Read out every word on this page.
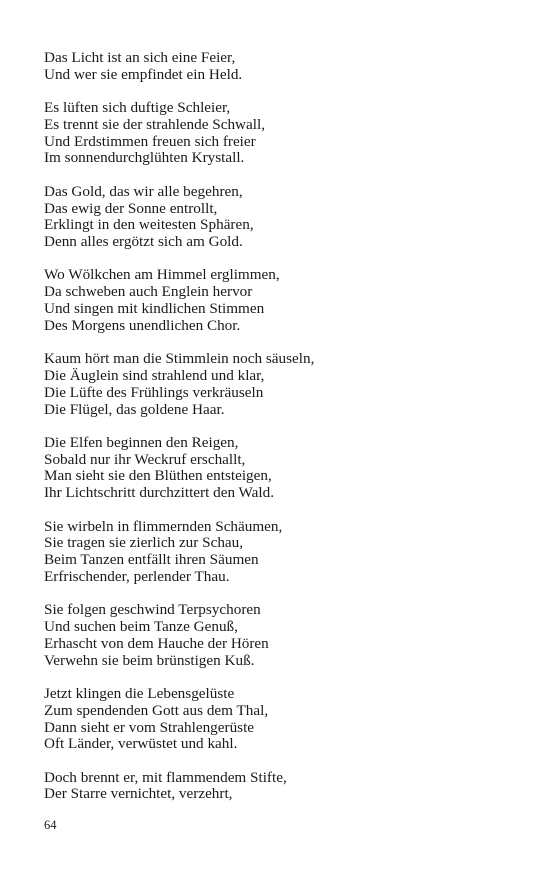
Das Licht ist an sich eine Feier,
Und wer sie empfindet ein Held.
Es lüften sich duftige Schleier,
Es trennt sie der strahlende Schwall,
Und Erdstimmen freuen sich freier
Im sonnendurchglühten Krystall.
Das Gold, das wir alle begehren,
Das ewig der Sonne entrollt,
Erklingt in den weitesten Sphären,
Denn alles ergötzt sich am Gold.
Wo Wölkchen am Himmel erglimmen,
Da schweben auch Englein hervor
Und singen mit kindlichen Stimmen
Des Morgens unendlichen Chor.
Kaum hört man die Stimmlein noch säuseln,
Die Äuglein sind strahlend und klar,
Die Lüfte des Frühlings verkräuseln
Die Flügel, das goldene Haar.
Die Elfen beginnen den Reigen,
Sobald nur ihr Weckruf erschallt,
Man sieht sie den Blüthen entsteigen,
Ihr Lichtschritt durchzittert den Wald.
Sie wirbeln in flimmernden Schäumen,
Sie tragen sie zierlich zur Schau,
Beim Tanzen entfällt ihren Säumen
Erfrischender, perlender Thau.
Sie folgen geschwind Terpsychoren
Und suchen beim Tanze Genuß,
Erhascht von dem Hauche der Hören
Verwehn sie beim brünstigen Kuß.
Jetzt klingen die Lebensgelüste
Zum spendenden Gott aus dem Thal,
Dann sieht er vom Strahlengerüste
Oft Länder, verwüstet und kahl.
Doch brennt er, mit flammendem Stifte,
Der Starre vernichtet, verzehrt,
64
